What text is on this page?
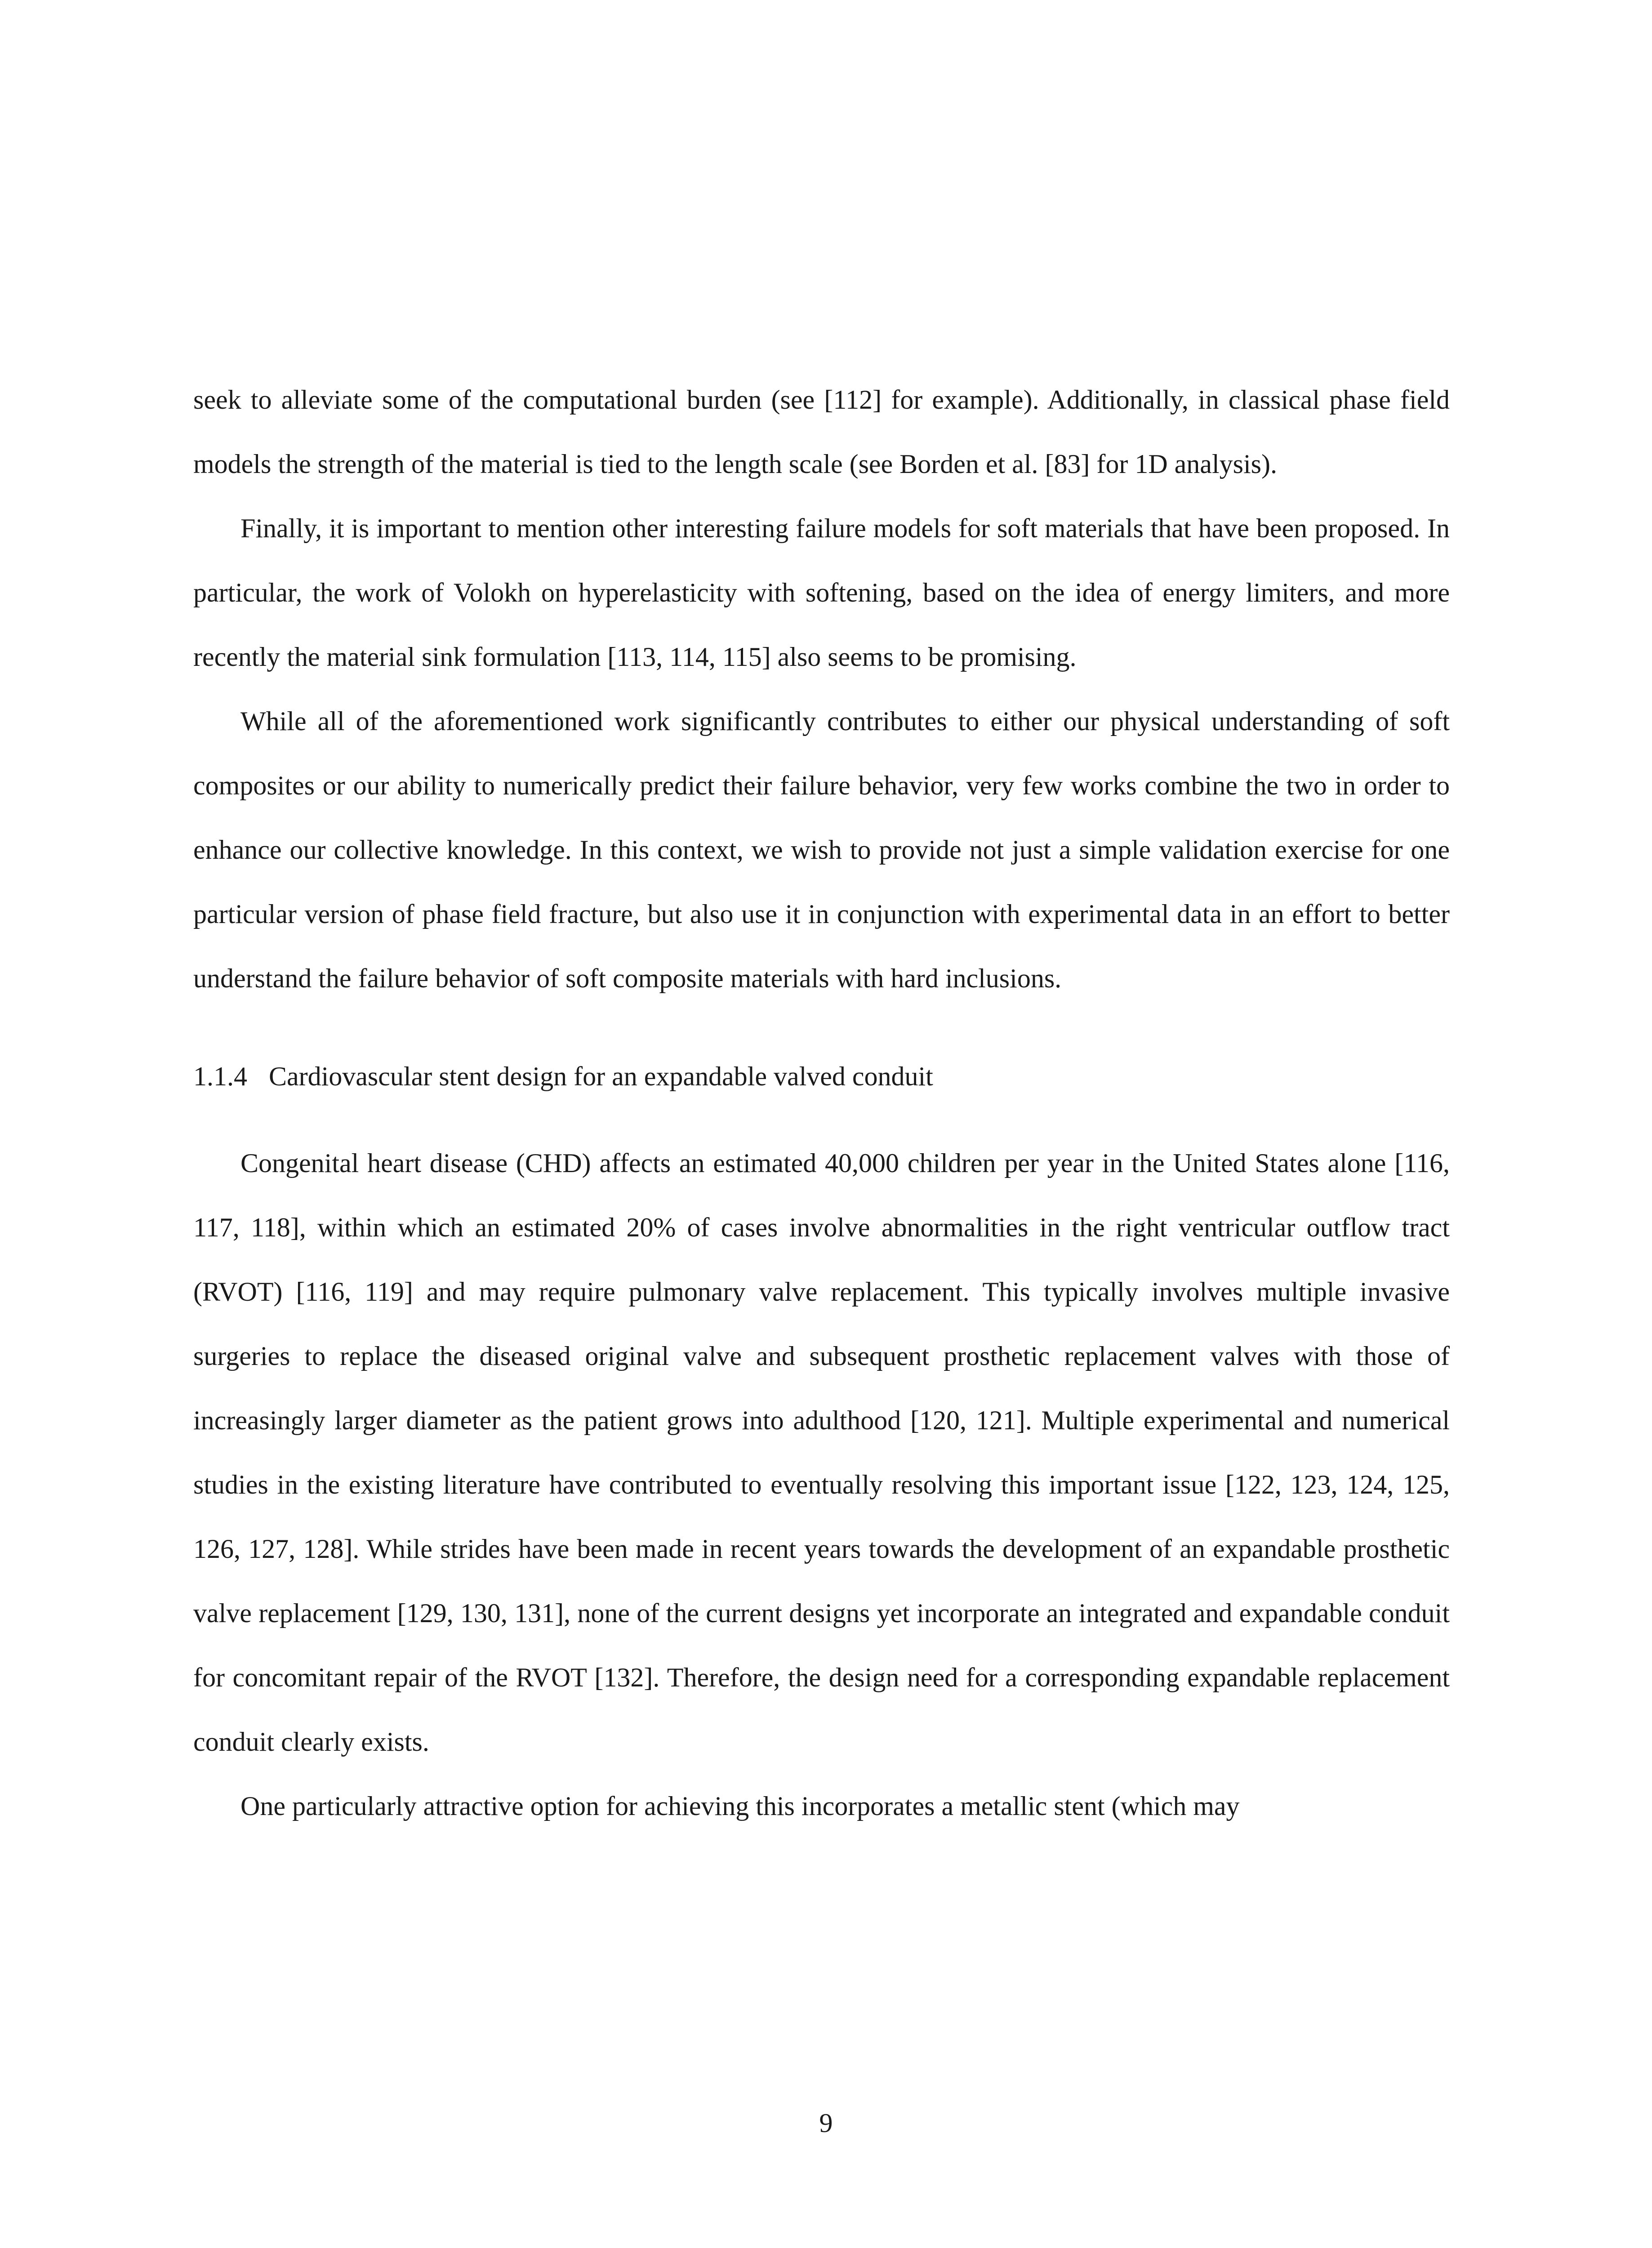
seek to alleviate some of the computational burden (see [112] for example). Additionally, in classical phase field models the strength of the material is tied to the length scale (see Borden et al. [83] for 1D analysis).

Finally, it is important to mention other interesting failure models for soft materials that have been proposed. In particular, the work of Volokh on hyperelasticity with softening, based on the idea of energy limiters, and more recently the material sink formulation [113, 114, 115] also seems to be promising.

While all of the aforementioned work significantly contributes to either our physical understanding of soft composites or our ability to numerically predict their failure behavior, very few works combine the two in order to enhance our collective knowledge. In this context, we wish to provide not just a simple validation exercise for one particular version of phase field fracture, but also use it in conjunction with experimental data in an effort to better understand the failure behavior of soft composite materials with hard inclusions.

1.1.4 Cardiovascular stent design for an expandable valved conduit

Congenital heart disease (CHD) affects an estimated 40,000 children per year in the United States alone [116, 117, 118], within which an estimated 20% of cases involve abnormalities in the right ventricular outflow tract (RVOT) [116, 119] and may require pulmonary valve replacement. This typically involves multiple invasive surgeries to replace the diseased original valve and subsequent prosthetic replacement valves with those of increasingly larger diameter as the patient grows into adulthood [120, 121]. Multiple experimental and numerical studies in the existing literature have contributed to eventually resolving this important issue [122, 123, 124, 125, 126, 127, 128]. While strides have been made in recent years towards the development of an expandable prosthetic valve replacement [129, 130, 131], none of the current designs yet incorporate an integrated and expandable conduit for concomitant repair of the RVOT [132]. Therefore, the design need for a corresponding expandable replacement conduit clearly exists.

One particularly attractive option for achieving this incorporates a metallic stent (which may

9
